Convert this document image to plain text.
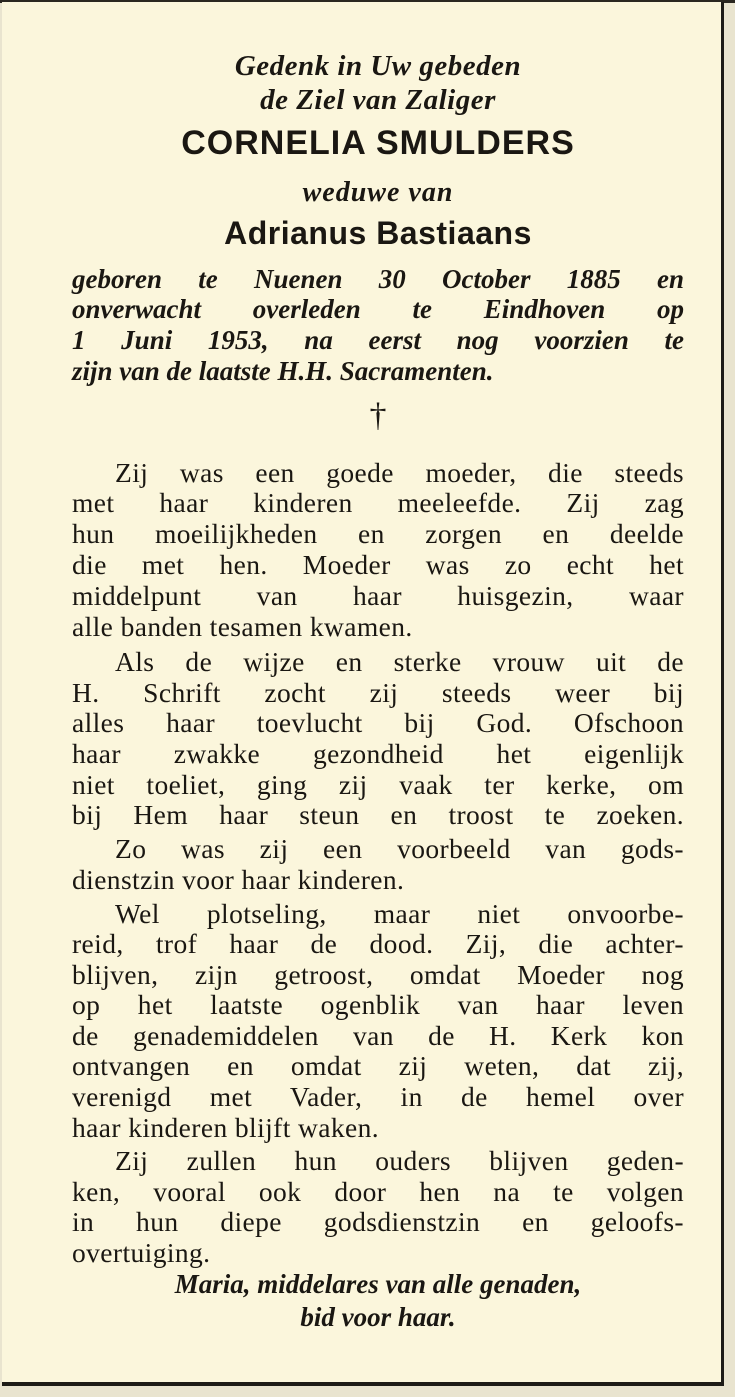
Gedenk in Uw gebeden
de Ziel van Zaliger
CORNELIA SMULDERS
weduwe van
Adrianus Bastiaans
geboren te Nuenen 30 October 1885 en
onverwacht overleden te Eindhoven op
1 Juni 1953, na eerst nog voorzien te
zijn van de laatste H.H. Sacramenten.
†
Zij was een goede moeder, die steeds
met haar kinderen meeleefde. Zij zag
hun moeilijkheden en zorgen en deelde
die met hen. Moeder was zo echt het
middelpunt van haar huisgezin, waar
alle banden tesamen kwamen.
Als de wijze en sterke vrouw uit de
H. Schrift zocht zij steeds weer bij
alles haar toevlucht bij God. Ofschoon
haar zwakke gezondheid het eigenlijk
niet toeliet, ging zij vaak ter kerke, om
bij Hem haar steun en troost te zoeken.
Zo was zij een voorbeeld van gods-
dienstzin voor haar kinderen.
Wel plotseling, maar niet onvoorbe-
reid, trof haar de dood. Zij, die achter-
blijven, zijn getroost, omdat Moeder nog
op het laatste ogenblik van haar leven
de genademiddelen van de H. Kerk kon
ontvangen en omdat zij weten, dat zij,
verenigd met Vader, in de hemel over
haar kinderen blijft waken.
Zij zullen hun ouders blijven geden-
ken, vooral ook door hen na te volgen
in hun diepe godsdienstzin en geloofs-
overtuiging.
Maria, middelares van alle genaden,
bid voor haar.
